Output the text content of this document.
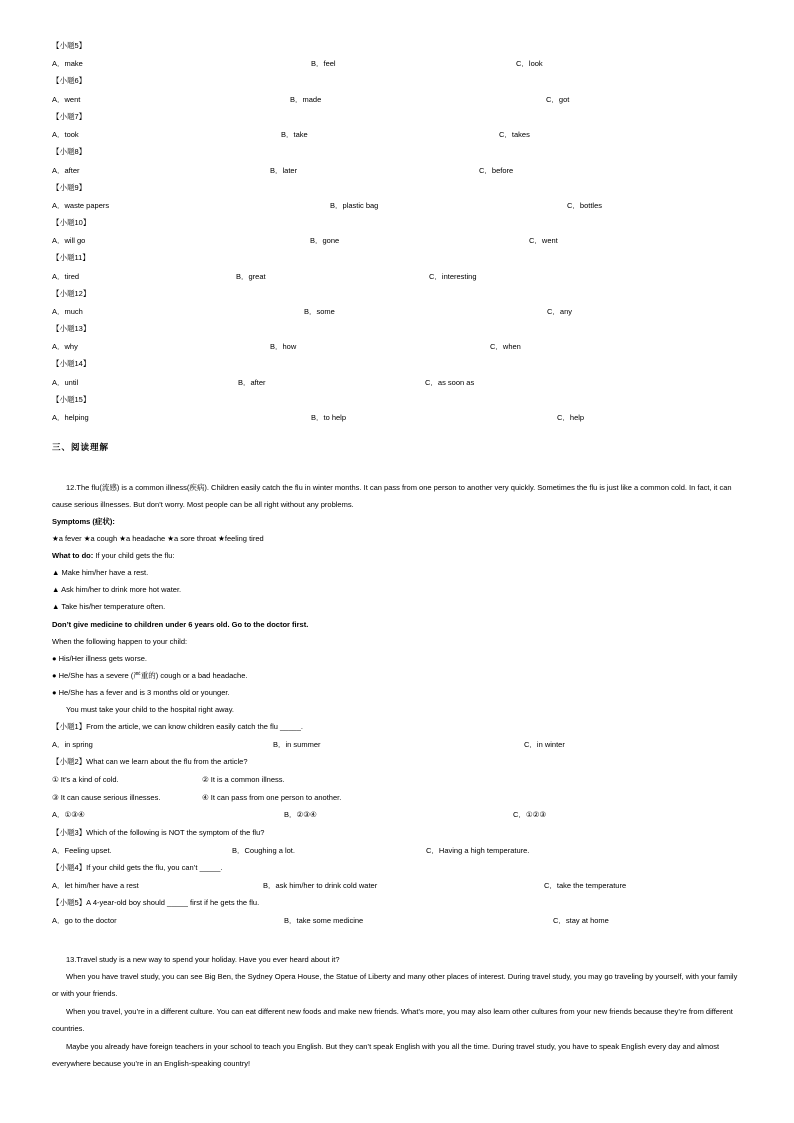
【小题5】
A．make	B．feel	C．look
【小题6】
A．went	B．made	C．got
【小题7】
A．took	B．take	C．takes
【小题8】
A．after	B．later	C．before
【小题9】
A．waste papers	B．plastic bag	C．bottles
【小题10】
A．will go	B．gone	C．went
【小题11】
A．tired	B．great	C．interesting
【小题12】
A．much	B．some	C．any
【小题13】
A．why	B．how	C．when
【小题14】
A．until	B．after	C．as soon as
【小题15】
A．helping	B．to help	C．help
三、阅读理解
12.The flu(流感) is a common illness(疾病). Children easily catch the flu in winter months. It can pass from one person to another very quickly. Sometimes the flu is just like a common cold. In fact, it can cause serious illnesses. But don’t worry. Most people can be all right without any problems.
Symptoms (症状):
★a fever ★a cough ★a headache ★a sore throat ★feeling tired
What to do: If your child gets the flu:
▲ Make him/her have a rest.
▲ Ask him/her to drink more hot water.
▲ Take his/her temperature often.
Don’t give medicine to children under 6 years old. Go to the doctor first.
When the following happen to your child:
● His/Her illness gets worse.
● He/She has a severe (严重的) cough or a bad headache.
● He/She has a fever and is 3 months old or younger.
You must take your child to the hospital right away.
【小题1】From the article, we can know children easily catch the flu _____.
A．in spring	B．in summer	C．in winter
【小题2】What can we learn about the flu from the article?
① It’s a kind of cold.	② It is a common illness.
③ It can cause serious illnesses.	④ It can pass from one person to another.
A．①③④	B．②③④	C．①②③
【小题3】Which of the following is NOT the symptom of the flu?
A．Feeling upset.	B．Coughing a lot.	C．Having a high temperature.
【小题4】If your child gets the flu, you can’t _____.
A．let him/her have a rest	B．ask him/her to drink cold water	C．take the temperature
【小题5】A 4-year-old boy should _____ first if he gets the flu.
A．go to the doctor	B．take some medicine	C．stay at home
13.Travel study is a new way to spend your holiday. Have you ever heard about it?
When you have travel study, you can see Big Ben, the Sydney Opera House, the Statue of Liberty and many other places of interest. During travel study, you may go traveling by yourself, with your family or with your friends.
When you travel, you’re in a different culture. You can eat different new foods and make new friends. What’s more, you may also learn other cultures from your new friends because they’re from different countries.
Maybe you already have foreign teachers in your school to teach you English. But they can’t speak English with you all the time. During travel study, you have to speak English every day and almost everywhere because you’re in an English-speaking country!
